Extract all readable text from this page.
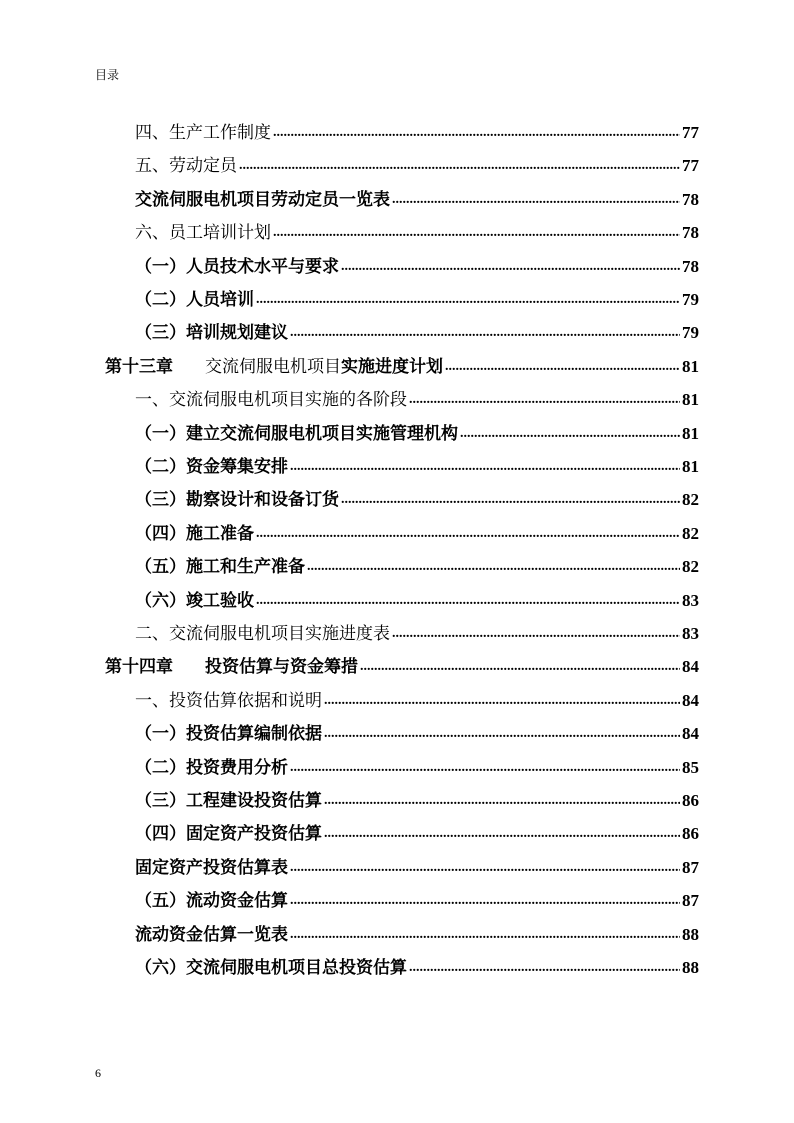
目录
四、生产工作制度 .....	77
五、劳动定员 .....	77
交流伺服电机项目劳动定员一览表 .....	78
六、员工培训计划 .....	78
（一）人员技术水平与要求 .....	78
（二）人员培训 .....	79
（三）培训规划建议 .....	79
第十三章 交流伺服电机项目实施进度计划 .....	81
一、交流伺服电机项目实施的各阶段 .....	81
（一）建立交流伺服电机项目实施管理机构 .....	81
（二）资金筹集安排 .....	81
（三）勘察设计和设备订货 .....	82
（四）施工准备 .....	82
（五）施工和生产准备 .....	82
（六）竣工验收 .....	83
二、交流伺服电机项目实施进度表 .....	83
第十四章 投资估算与资金筹措 .....	84
一、投资估算依据和说明 .....	84
（一）投资估算编制依据 .....	84
（二）投资费用分析 .....	85
（三）工程建设投资估算 .....	86
（四）固定资产投资估算 .....	86
固定资产投资估算表 .....	87
（五）流动资金估算 .....	87
流动资金估算一览表 .....	88
（六）交流伺服电机项目总投资估算 .....	88
6
